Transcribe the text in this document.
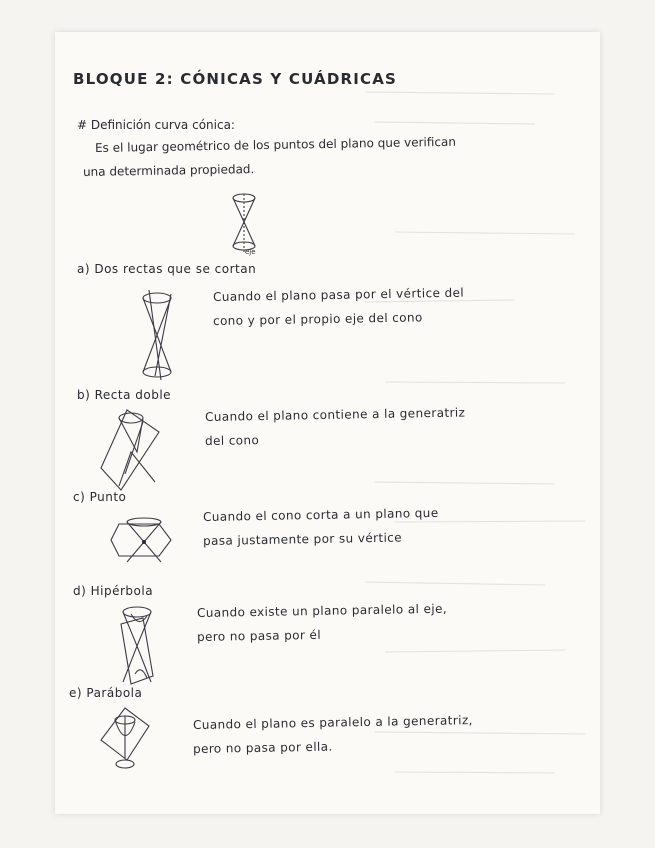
BLOQUE 2: CÓNICAS Y CUÁDRICAS
# Definición curva cónica:
Es el lugar geométrico de los puntos del plano que verifican
una determinada propiedad.
eje
a) Dos rectas que se cortan
Cuando el plano pasa por el vértice del
cono y por el propio eje del cono
b) Recta doble
Cuando el plano contiene a la generatriz
del cono
c) Punto
Cuando el cono corta a un plano que
pasa justamente por su vértice
d) Hipérbola
Cuando existe un plano paralelo al eje,
pero no pasa por él
e) Parábola
Cuando el plano es paralelo a la generatriz,
pero no pasa por ella.
